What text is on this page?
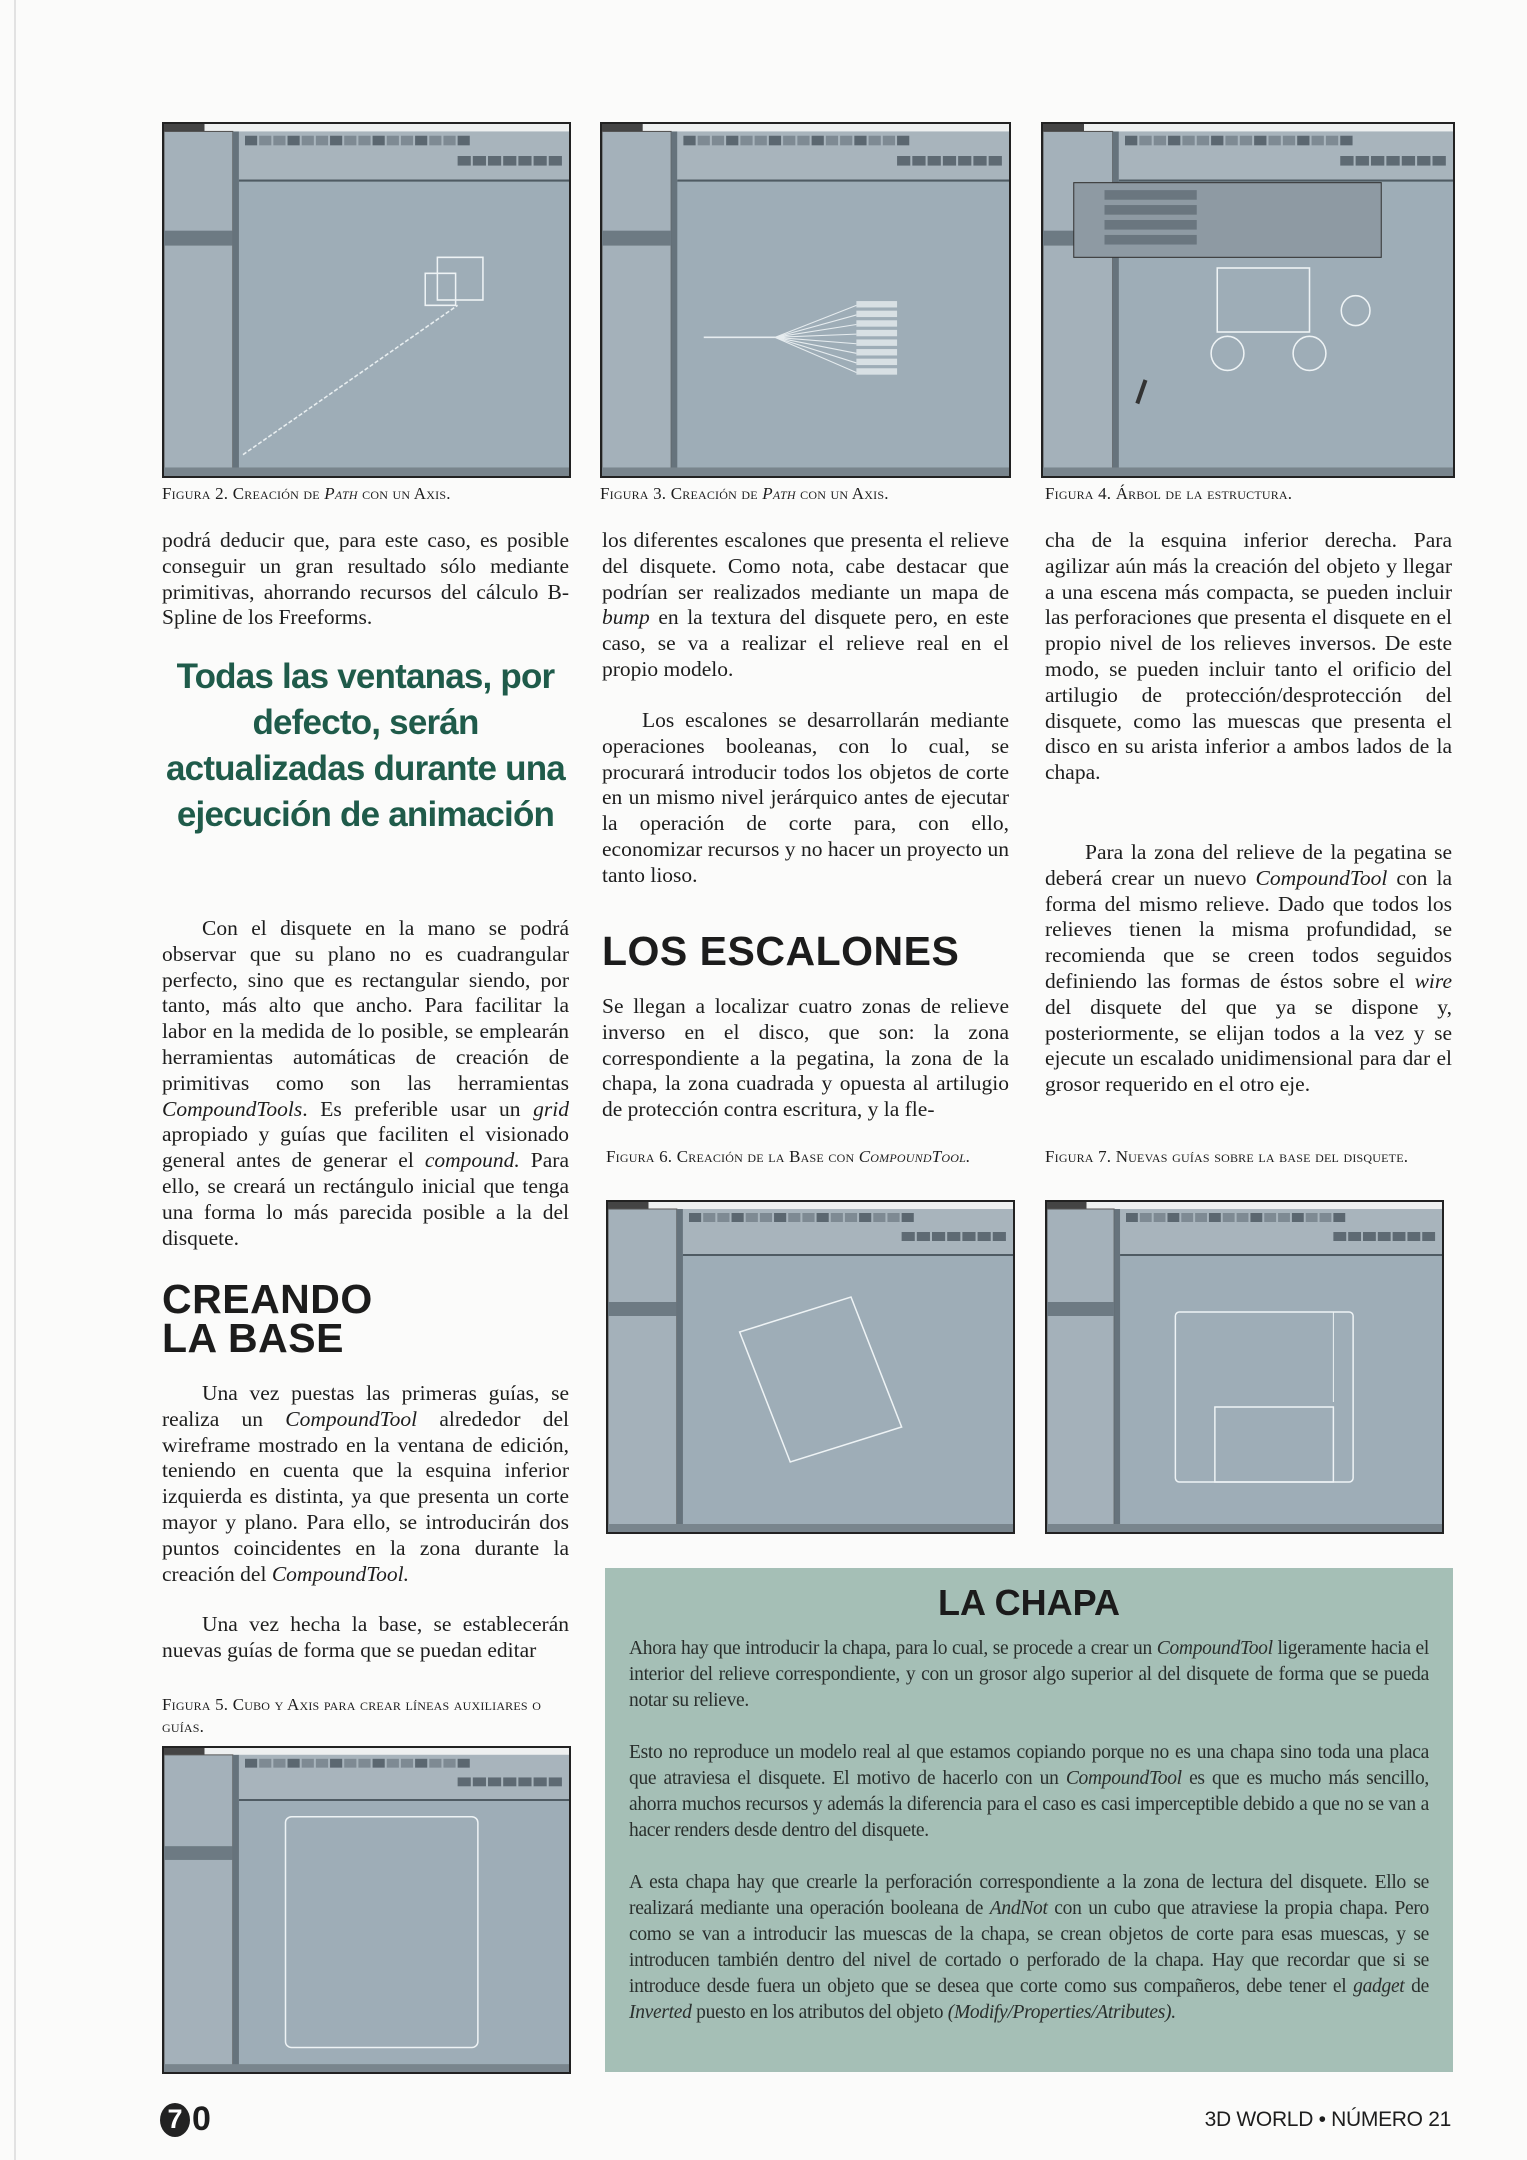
Figura 2. Creación de Path con un Axis.	Figura 3. Creación de Path con un Axis.	Figura 4. Árbol de la estructura.

podrá deducir que, para este caso, es posible conseguir un gran resultado sólo mediante primitivas, ahorrando recursos del cálculo B-Spline de los Freeforms.

Todas las ventanas, por defecto, serán actualizadas durante una ejecución de animación

Con el disquete en la mano se podrá observar que su plano no es cuadrangular perfecto, sino que es rectangular siendo, por tanto, más alto que ancho. Para facilitar la labor en la medida de lo posible, se emplearán herramientas automáticas de creación de primitivas como son las herramientas CompoundTools. Es preferible usar un grid apropiado y guías que faciliten el visionado general antes de generar el compound. Para ello, se creará un rectángulo inicial que tenga una forma lo más parecida posible a la del disquete.

CREANDO
LA BASE

Una vez puestas las primeras guías, se realiza un CompoundTool alrededor del wireframe mostrado en la ventana de edición, teniendo en cuenta que la esquina inferior izquierda es distinta, ya que presenta un corte mayor y plano. Para ello, se introducirán dos puntos coincidentes en la zona durante la creación del CompoundTool.

Una vez hecha la base, se establecerán nuevas guías de forma que se puedan editar

Figura 5. Cubo y Axis para crear líneas auxiliares o guías.

los diferentes escalones que presenta el relieve del disquete. Como nota, cabe destacar que podrían ser realizados mediante un mapa de bump en la textura del disquete pero, en este caso, se va a realizar el relieve real en el propio modelo.

Los escalones se desarrollarán mediante operaciones booleanas, con lo cual, se procurará introducir todos los objetos de corte en un mismo nivel jerárquico antes de ejecutar la operación de corte para, con ello, economizar recursos y no hacer un proyecto un tanto lioso.

LOS ESCALONES

Se llegan a localizar cuatro zonas de relieve inverso en el disco, que son: la zona correspondiente a la pegatina, la zona de la chapa, la zona cuadrada y opuesta al artilugio de protección contra escritura, y la fle-

Figura 6. Creación de la Base con CompoundTool.

cha de la esquina inferior derecha. Para agilizar aún más la creación del objeto y llegar a una escena más compacta, se pueden incluir las perforaciones que presenta el disquete en el propio nivel de los relieves inversos. De este modo, se pueden incluir tanto el orificio del artilugio de protección/desprotección del disquete, como las muescas que presenta el disco en su arista inferior a ambos lados de la chapa.

Para la zona del relieve de la pegatina se deberá crear un nuevo CompoundTool con la forma del mismo relieve. Dado que todos los relieves tienen la misma profundidad, se recomienda que se creen todos seguidos definiendo las formas de éstos sobre el wire del disquete del que ya se dispone y, posteriormente, se elijan todos a la vez y se ejecute un escalado unidimensional para dar el grosor requerido en el otro eje.

Figura 7. Nuevas guías sobre la base del disquete.
LA CHAPA

Ahora hay que introducir la chapa, para lo cual, se procede a crear un CompoundTool ligeramente hacia el interior del relieve correspondiente, y con un grosor algo superior al del disquete de forma que se pueda notar su relieve.

Esto no reproduce un modelo real al que estamos copiando porque no es una chapa sino toda una placa que atraviesa el disquete. El motivo de hacerlo con un CompoundTool es que es mucho más sencillo, ahorra muchos recursos y además la diferencia para el caso es casi imperceptible debido a que no se van a hacer renders desde dentro del disquete.

A esta chapa hay que crearle la perforación correspondiente a la zona de lectura del disquete. Ello se realizará mediante una operación booleana de AndNot con un cubo que atraviese la propia chapa. Pero como se van a introducir las muescas de la chapa, se crean objetos de corte para esas muescas, y se introducen también dentro del nivel de cortado o perforado de la chapa. Hay que recordar que si se introduce desde fuera un objeto que se desea que corte como sus compañeros, debe tener el gadget de Inverted puesto en los atributos del objeto (Modify/Properties/Atributes).

7 0	3D WORLD • NÚMERO 21
